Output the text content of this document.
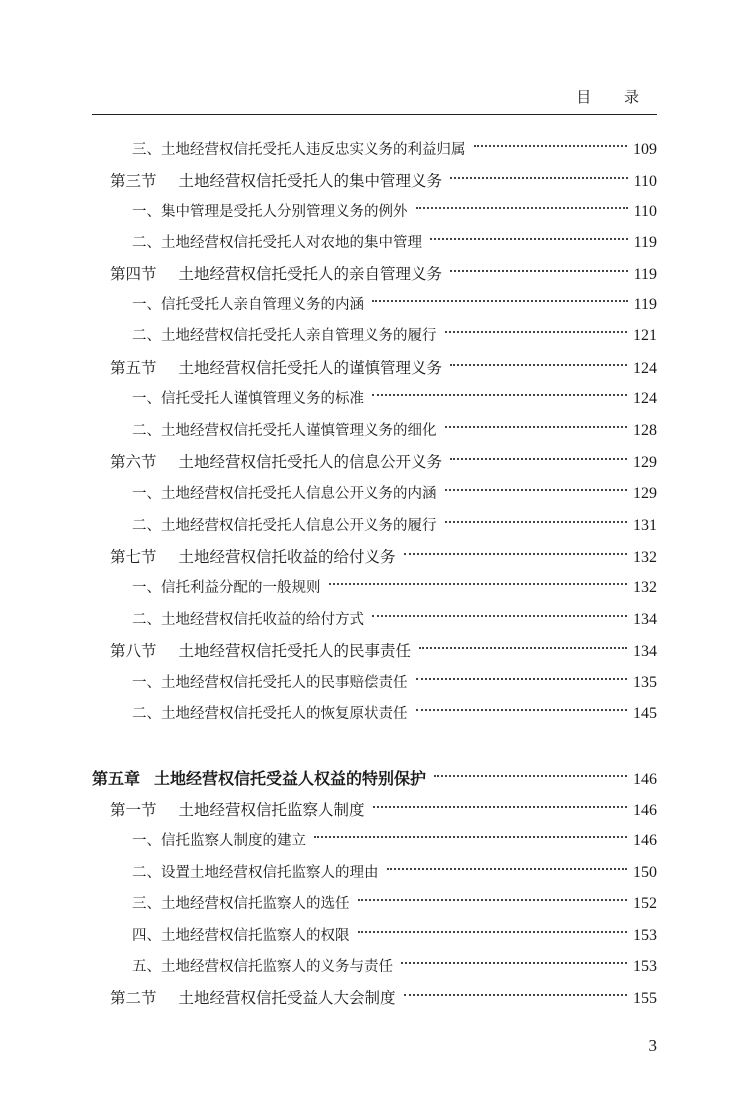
目 录
三、土地经营权信托受托人违反忠实义务的利益归属	109
第三节 土地经营权信托受托人的集中管理义务	110
一、集中管理是受托人分别管理义务的例外	110
二、土地经营权信托受托人对农地的集中管理	119
第四节 土地经营权信托受托人的亲自管理义务	119
一、信托受托人亲自管理义务的内涵	119
二、土地经营权信托受托人亲自管理义务的履行	121
第五节 土地经营权信托受托人的谨慎管理义务	124
一、信托受托人谨慎管理义务的标准	124
二、土地经营权信托受托人谨慎管理义务的细化	128
第六节 土地经营权信托受托人的信息公开义务	129
一、土地经营权信托受托人信息公开义务的内涵	129
二、土地经营权信托受托人信息公开义务的履行	131
第七节 土地经营权信托收益的给付义务	132
一、信托利益分配的一般规则	132
二、土地经营权信托收益的给付方式	134
第八节 土地经营权信托受托人的民事责任	134
一、土地经营权信托受托人的民事赔偿责任	135
二、土地经营权信托受托人的恢复原状责任	145
第五章 土地经营权信托受益人权益的特别保护	146
第一节 土地经营权信托监察人制度	146
一、信托监察人制度的建立	146
二、设置土地经营权信托监察人的理由	150
三、土地经营权信托监察人的选任	152
四、土地经营权信托监察人的权限	153
五、土地经营权信托监察人的义务与责任	153
第二节 土地经营权信托受益人大会制度	155
3
